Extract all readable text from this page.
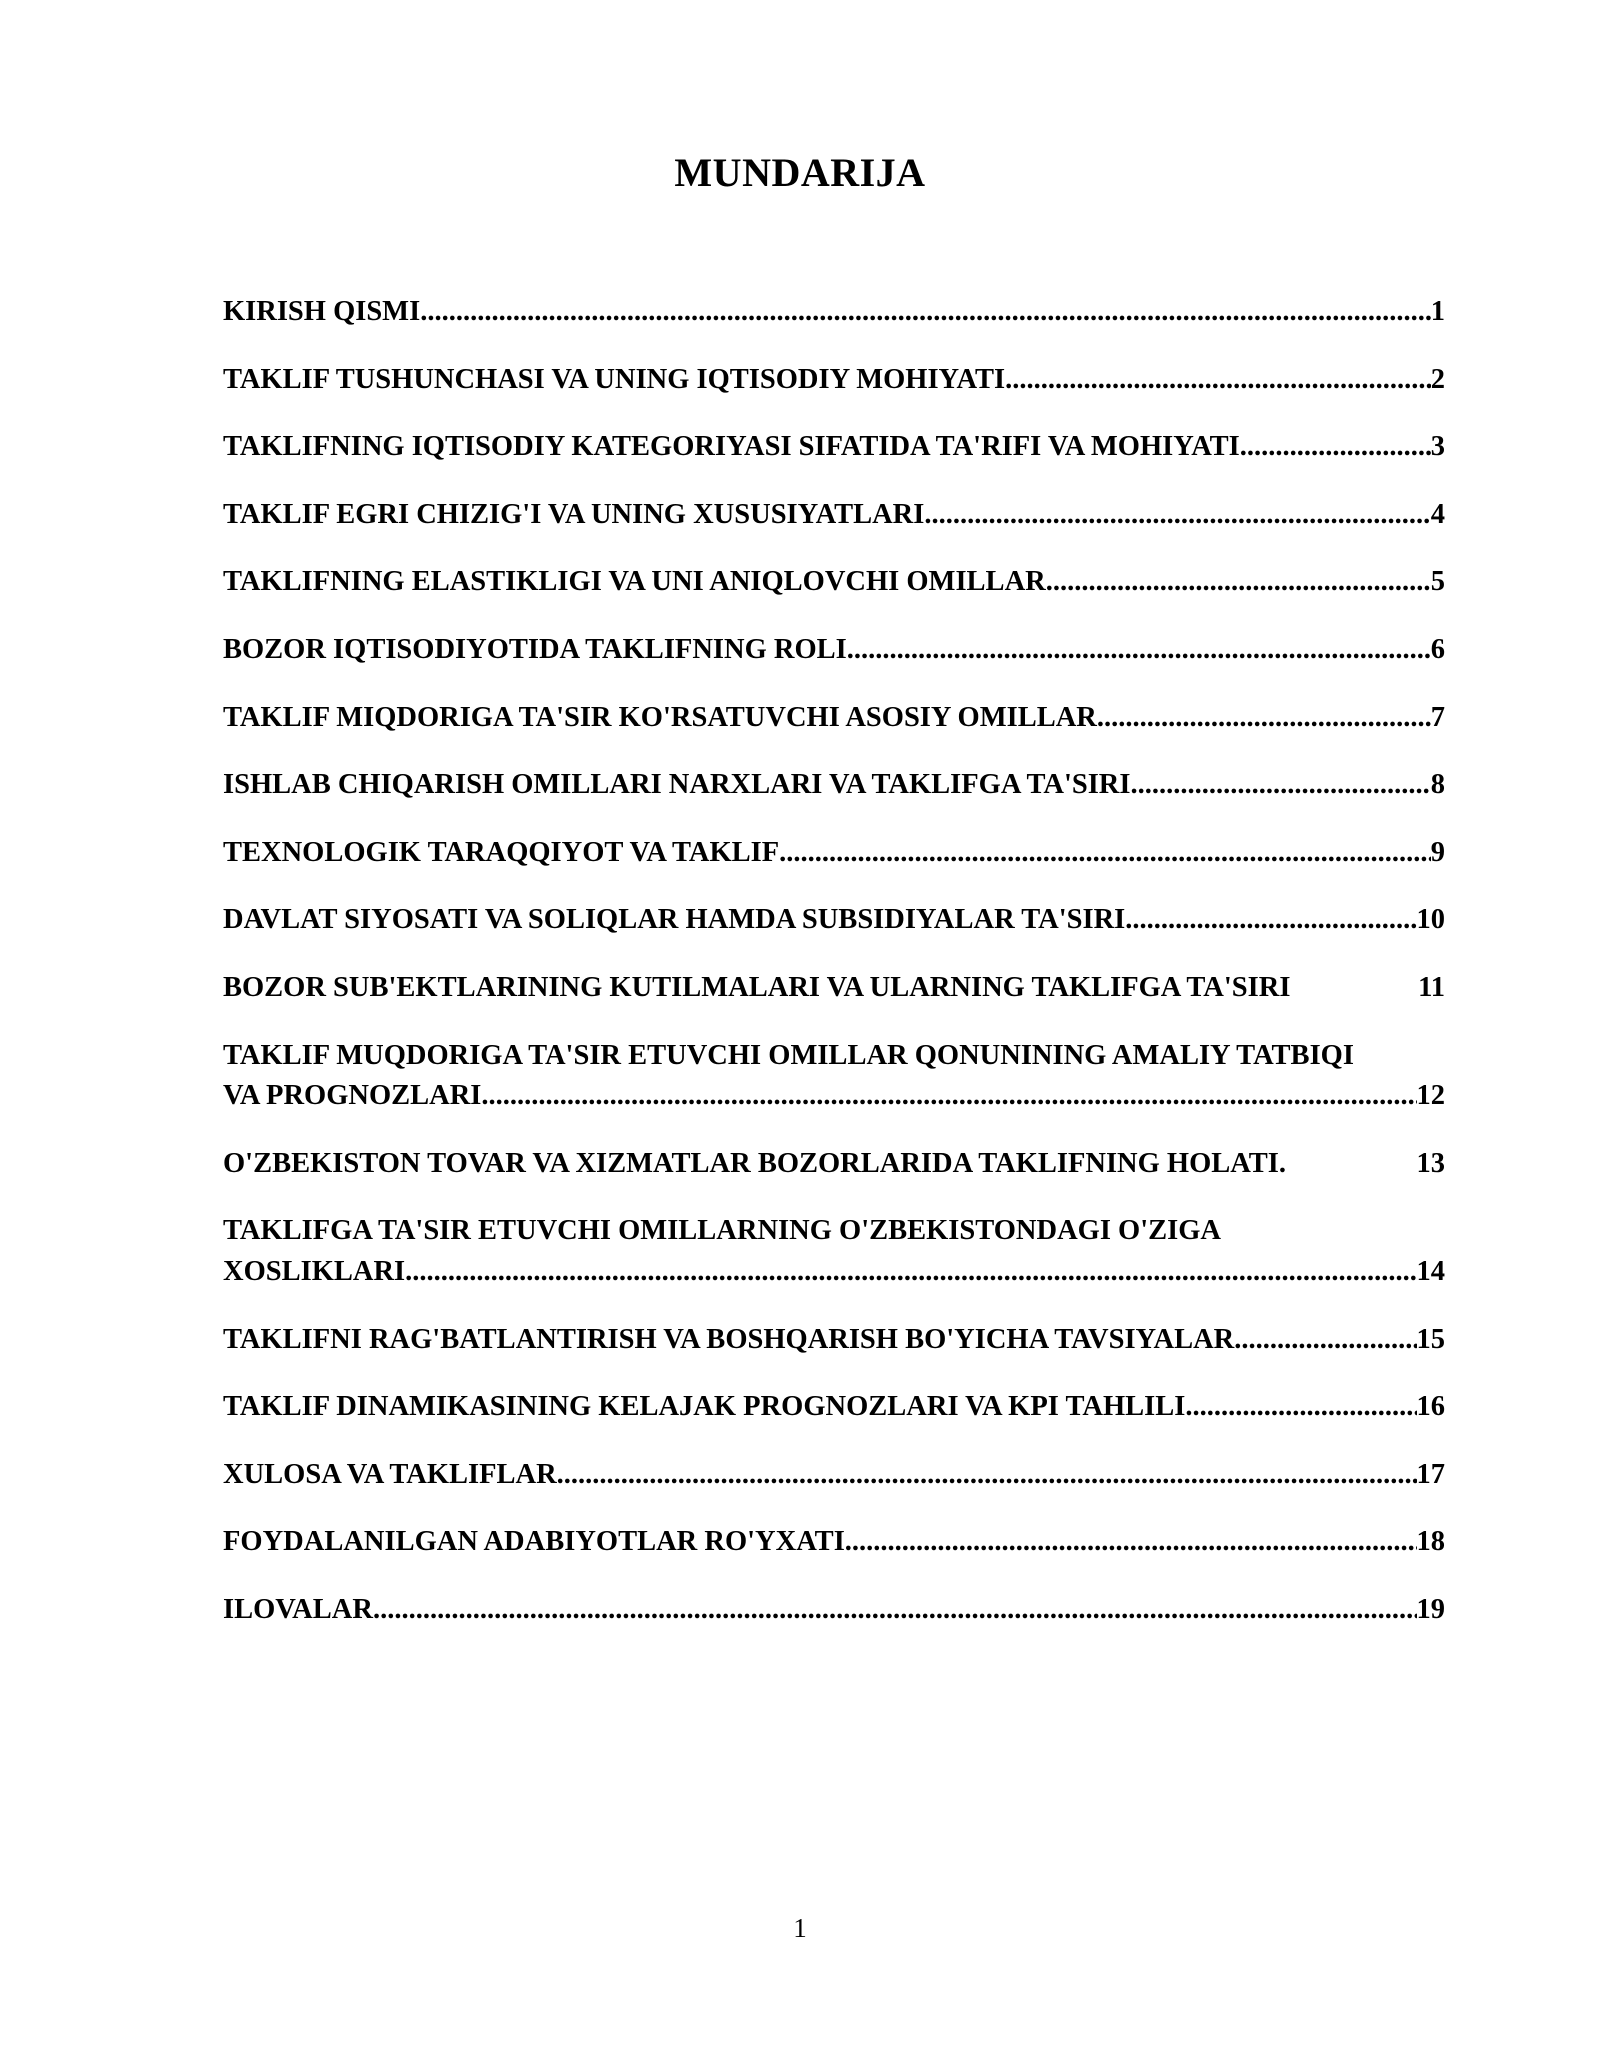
MUNDARIJA
KIRISH QISMI .....	1
TAKLIF TUSHUNCHASI VA UNING IQTISODIY MOHIYATI .....	2
TAKLIFNING IQTISODIY KATEGORIYASI SIFATIDA TA'RIFI VA MOHIYATI .....	3
TAKLIF EGRI CHIZIG'I VA UNING XUSUSIYATLARI .....	4
TAKLIFNING ELASTIKLIGI VA UNI ANIQLOVCHI OMILLAR .....	5
BOZOR IQTISODIYOTIDA TAKLIFNING ROLI .....	6
TAKLIF MIQDORIGA TA'SIR KO'RSATUVCHI ASOSIY OMILLAR .....	7
ISHLAB CHIQARISH OMILLARI NARXLARI VA TAKLIFGA TA'SIRI .....	8
TEXNOLOGIK TARAQQIYOT VA TAKLIF .....	9
DAVLAT SIYOSATI VA SOLIQLAR HAMDA SUBSIDIYALAR TA'SIRI .....	10
BOZOR SUB'EKTLARINING KUTILMALARI VA ULARNING TAKLIFGA TA'SIRI	11
TAKLIF MUQDORIGA TA'SIR ETUVCHI OMILLAR QONUNINING AMALIY TATBIQI
VA PROGNOZLARI .....	12
O'ZBEKISTON TOVAR VA XIZMATLAR BOZORLARIDA TAKLIFNING HOLATI.	13
TAKLIFGA TA'SIR ETUVCHI OMILLARNING O'ZBEKISTONDAGI O'ZIGA
XOSLIKLARI .....	14
TAKLIFNI RAG'BATLANTIRISH VA BOSHQARISH BO'YICHA TAVSIYALAR .....	15
TAKLIF DINAMIKASINING KELAJAK PROGNOZLARI VA KPI TAHLILI .....	16
XULOSA VA TAKLIFLAR .....	17
FOYDALANILGAN ADABIYOTLAR RO'YXATI .....	18
ILOVALAR .....	19
1
